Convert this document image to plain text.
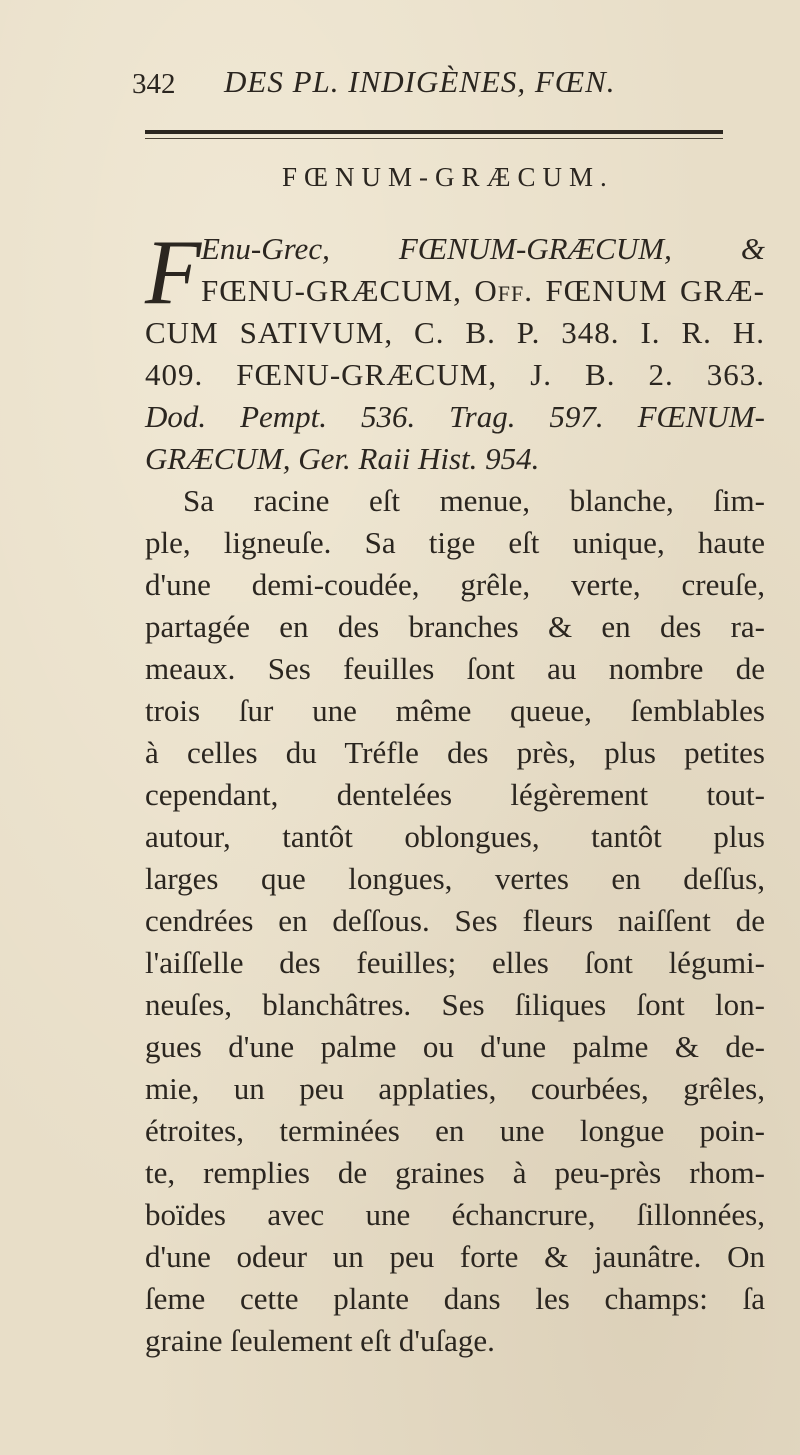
342 DES PL. INDIGÈNES, FŒN.
FŒNUM-GRÆCUM.
F Enu-Grec, FŒNUM-GRÆCUM, &
FŒNU-GRÆCUM, Off. FŒNUM GRÆ-
CUM SATIVUM, C. B. P. 348. I. R. H.
409. FŒNU-GRÆCUM, J. B. 2. 363.
Dod. Pempt. 536. Trag. 597. FŒNUM-
GRÆCUM, Ger. Raii Hist. 954.
Sa racine eſt menue, blanche, ſim-
ple, ligneuſe. Sa tige eſt unique, haute
d'une demi-coudée, grêle, verte, creuſe,
partagée en des branches & en des ra-
meaux. Ses feuilles ſont au nombre de
trois ſur une même queue, ſemblables
à celles du Tréfle des près, plus petites
cependant, dentelées légèrement tout-
autour, tantôt oblongues, tantôt plus
larges que longues, vertes en deſſus,
cendrées en deſſous. Ses fleurs naiſſent de
l'aiſſelle des feuilles; elles ſont légumi-
neuſes, blanchâtres. Ses ſiliques ſont lon-
gues d'une palme ou d'une palme & de-
mie, un peu applaties, courbées, grêles,
étroites, terminées en une longue poin-
te, remplies de graines à peu-près rhom-
boïdes avec une échancrure, ſillonnées,
d'une odeur un peu forte & jaunâtre. On
ſeme cette plante dans les champs: ſa
graine ſeulement eſt d'uſage.
